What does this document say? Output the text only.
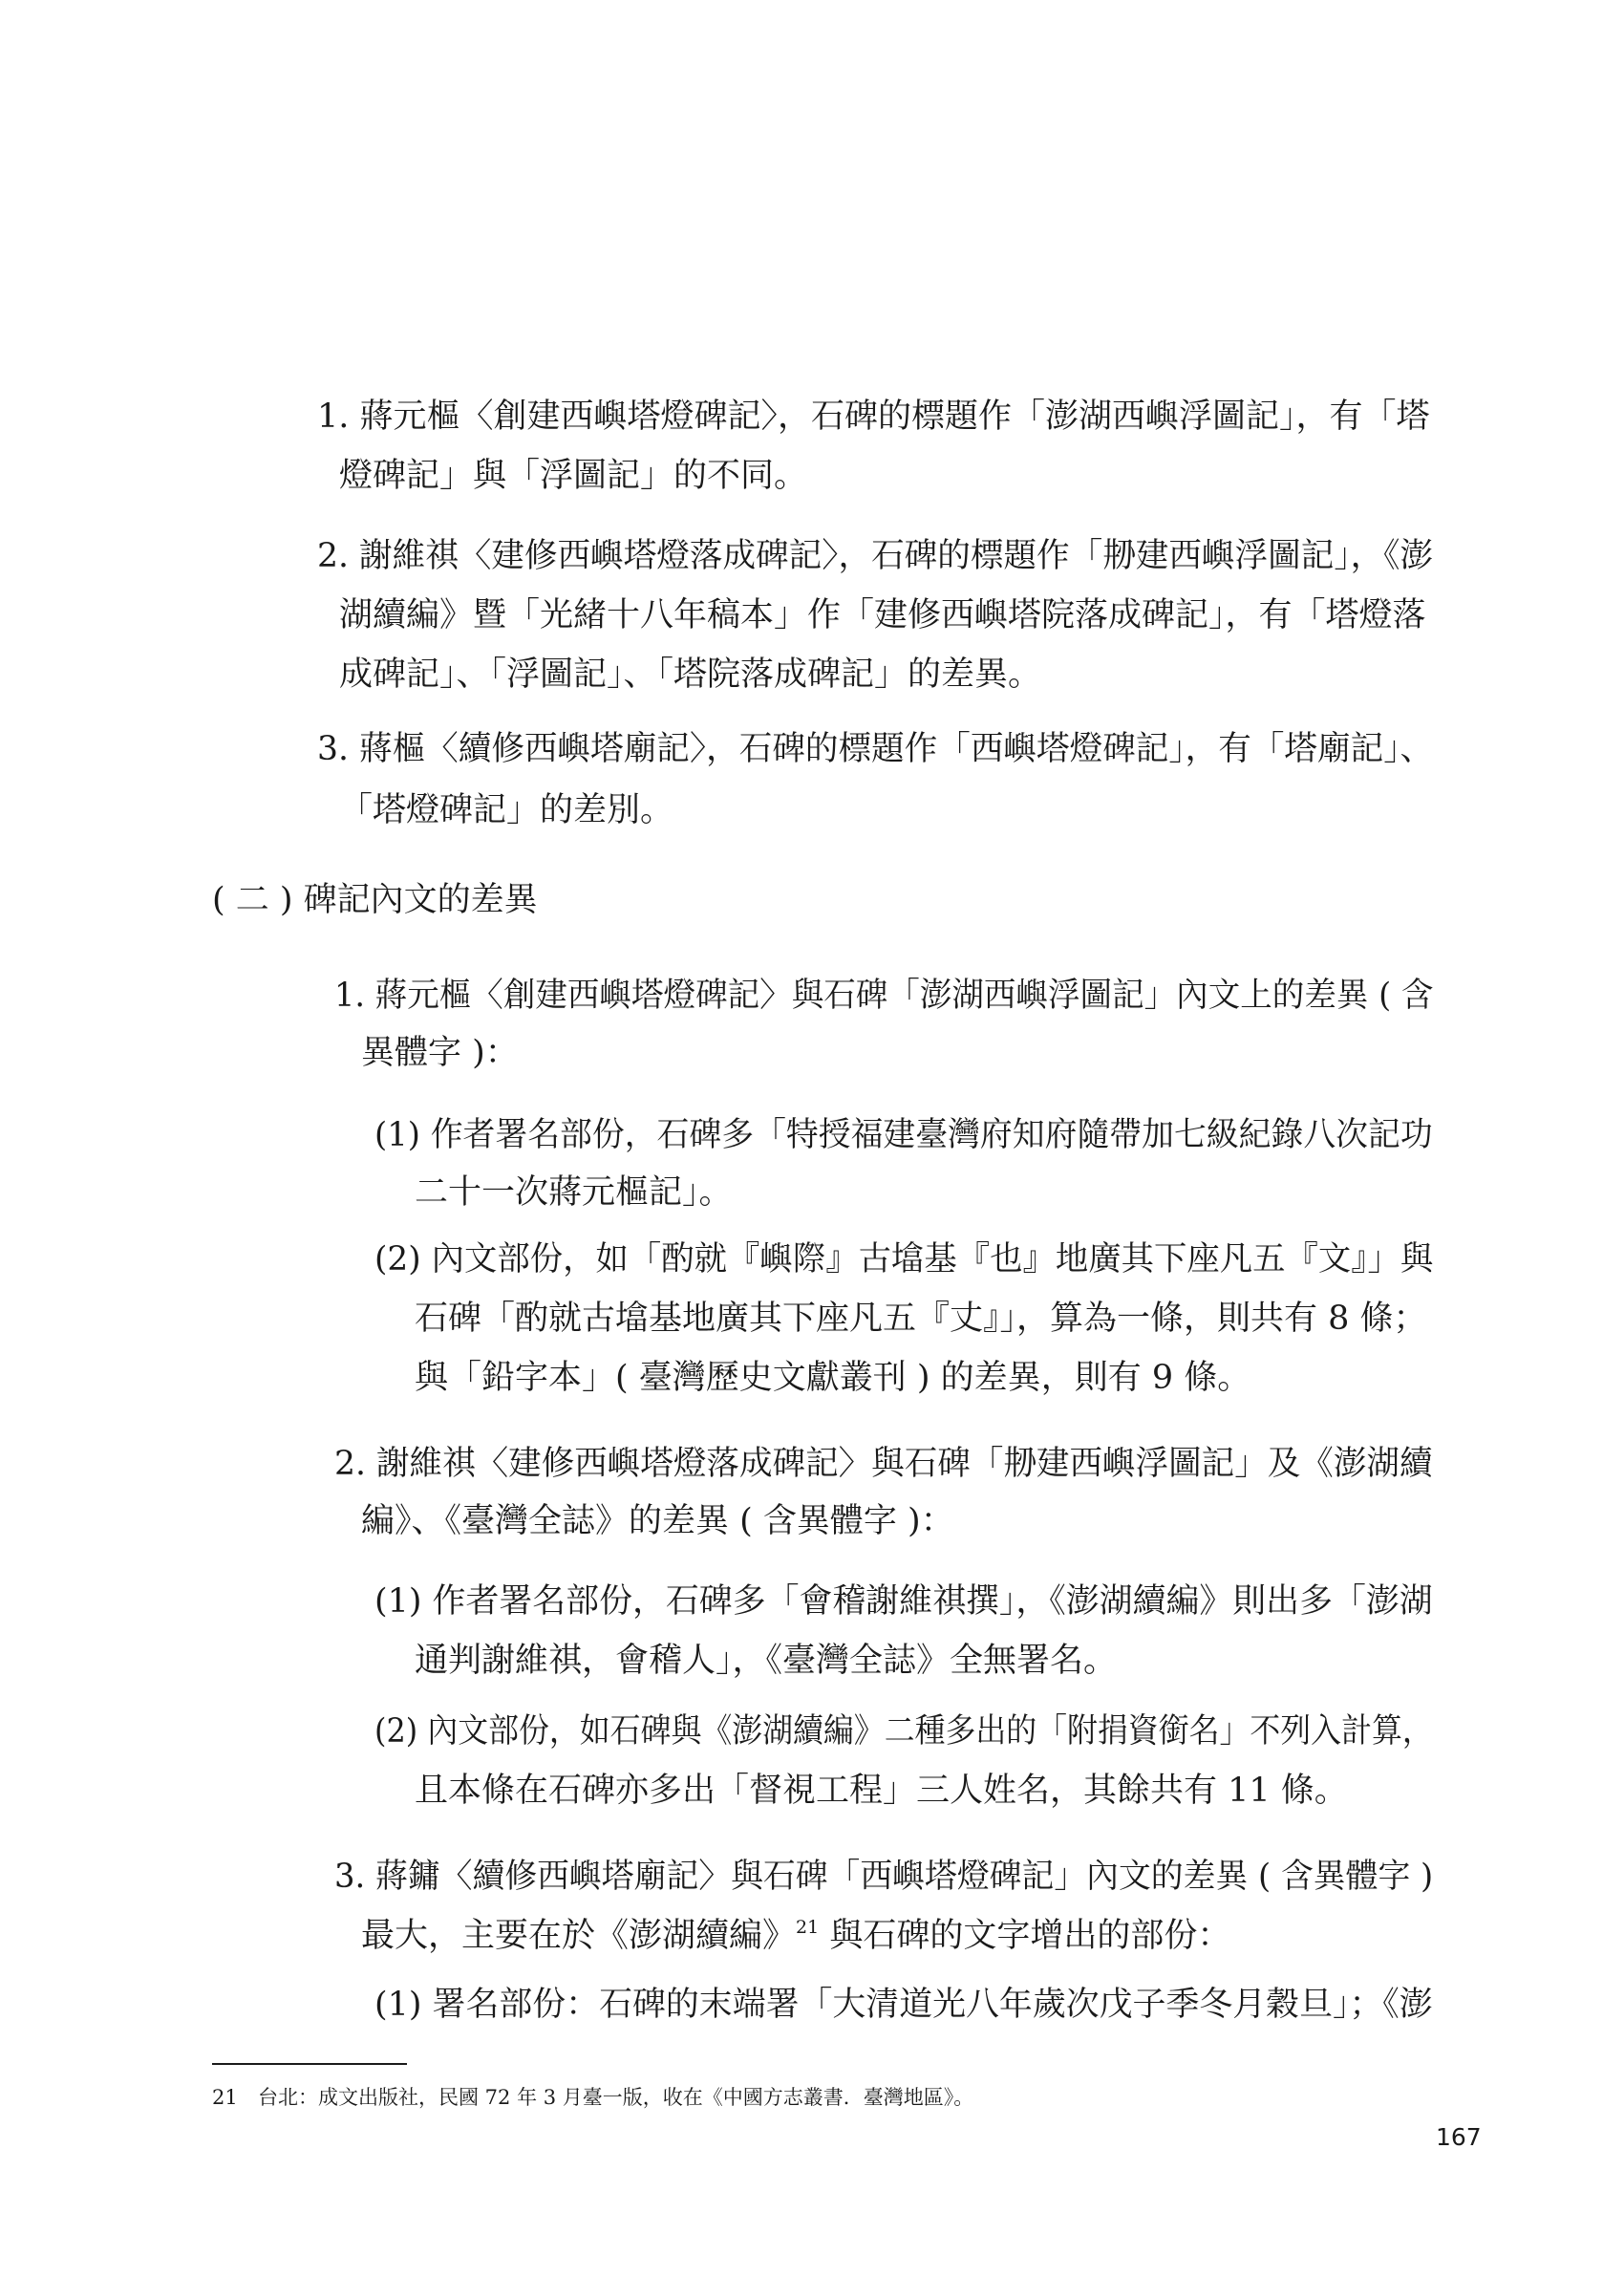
1. 蔣元樞〈創建西嶼塔燈碑記〉，石碑的標題作「澎湖西嶼浮圖記」，有「塔
燈碑記」與「浮圖記」的不同。
2. 謝維祺〈建修西嶼塔燈落成碑記〉，石碑的標題作「刱建西嶼浮圖記」，《澎
湖續編》暨「光緒十八年稿本」作「建修西嶼塔院落成碑記」，有「塔燈落
成碑記」、「浮圖記」、「塔院落成碑記」的差異。
3. 蔣樞〈續修西嶼塔廟記〉，石碑的標題作「西嶼塔燈碑記」，有「塔廟記」、
「塔燈碑記」的差別。
( 二 ) 碑記內文的差異
1. 蔣元樞〈創建西嶼塔燈碑記〉與石碑「澎湖西嶼浮圖記」內文上的差異 ( 含
異體字 )：
(1) 作者署名部份，石碑多「特授福建臺灣府知府隨帶加七級紀錄八次記功
二十一次蔣元樞記」。
(2) 內文部份，如「酌就『嶼際』古墖基『也』地廣其下座凡五『文』」與
石碑「酌就古墖基地廣其下座凡五『丈』」，算為一條，則共有 8 條；
與「鉛字本」( 臺灣歷史文獻叢刊 ) 的差異，則有 9 條。
2. 謝維祺〈建修西嶼塔燈落成碑記〉與石碑「刱建西嶼浮圖記」及《澎湖續
編》、《臺灣全誌》的差異 ( 含異體字 )：
(1) 作者署名部份，石碑多「會稽謝維祺撰」，《澎湖續編》則出多「澎湖
通判謝維祺，會稽人」，《臺灣全誌》全無署名。
(2) 內文部份，如石碑與《澎湖續編》二種多出的「附捐資銜名」不列入計算，
且本條在石碑亦多出「督視工程」三人姓名，其餘共有 11 條。
3. 蔣鏞〈續修西嶼塔廟記〉與石碑「西嶼塔燈碑記」內文的差異 ( 含異體字 )
最大，主要在於《澎湖續編》$^{21}$ 與石碑的文字增出的部份：
(1) 署名部份：石碑的末端署「大清道光八年歲次戊子季冬月穀旦」；《澎
21 台北：成文出版社，民國 72 年 3 月臺一版，收在《中國方志叢書．臺灣地區》。
167
